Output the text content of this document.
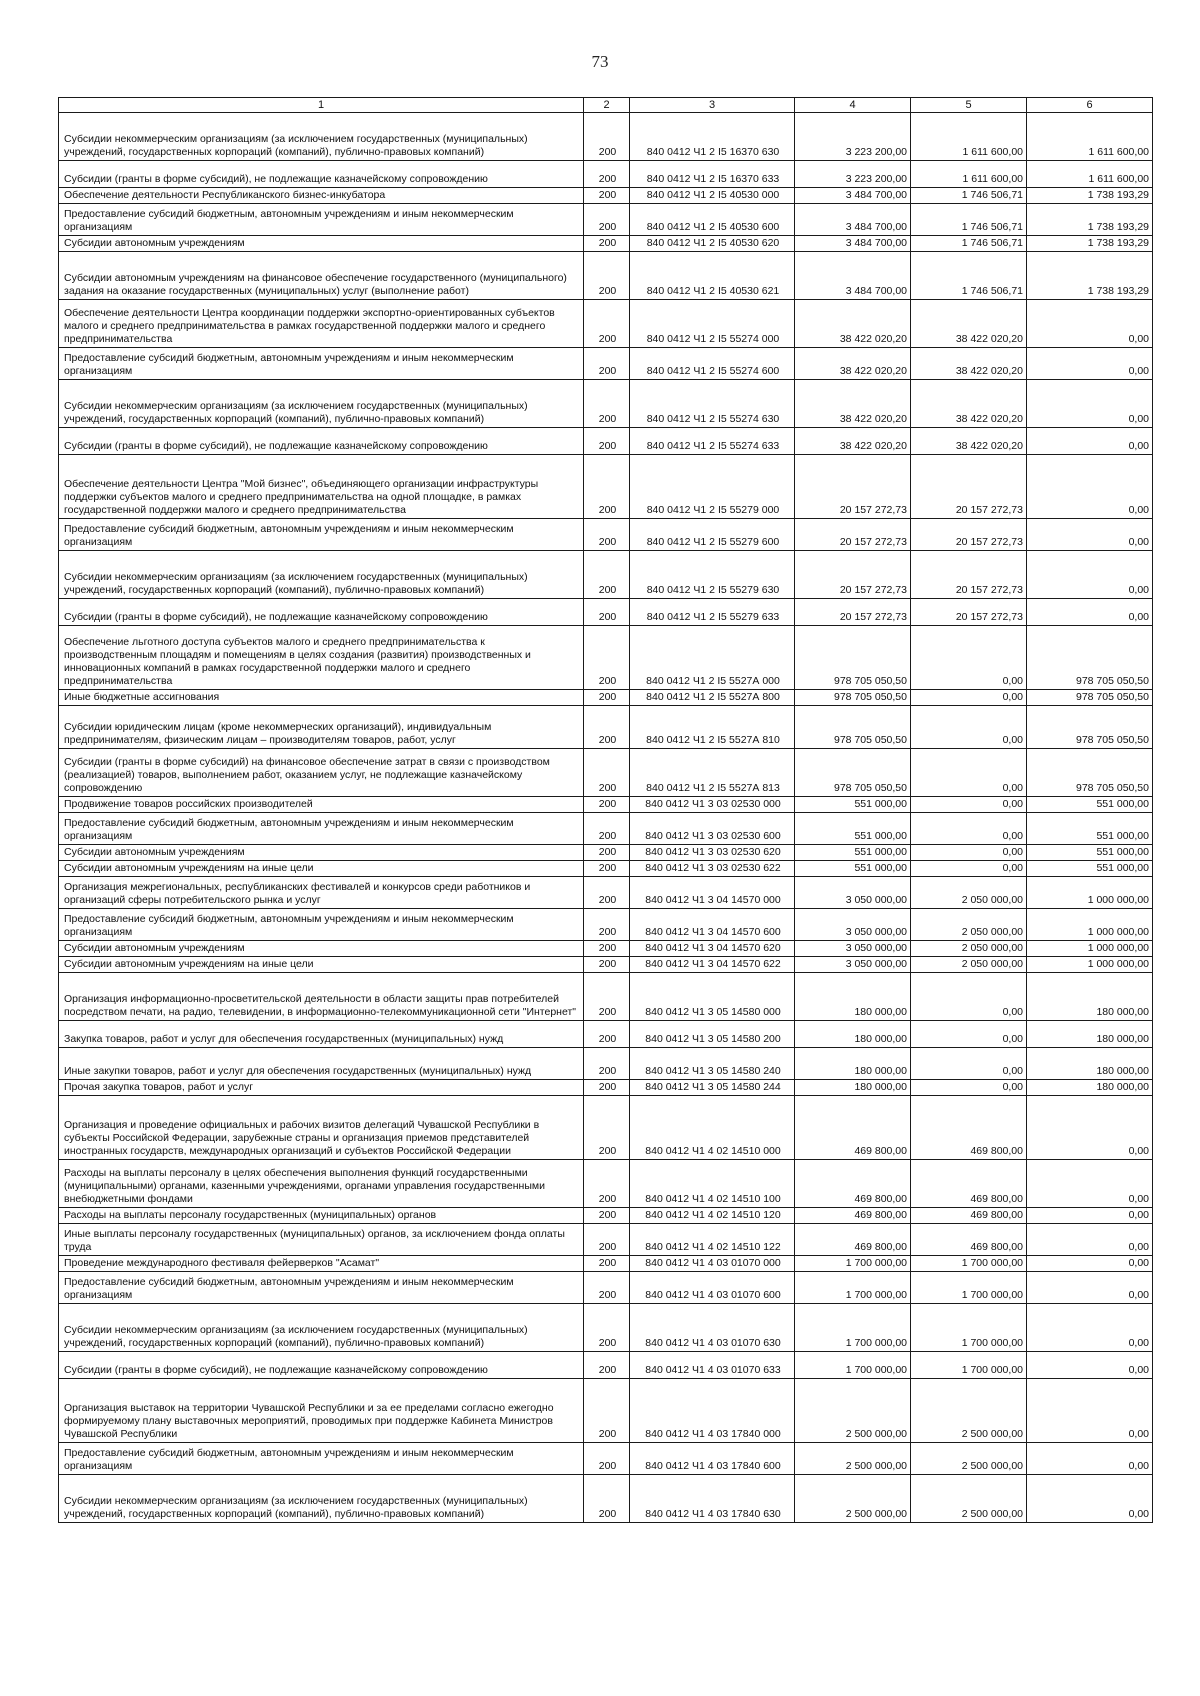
73
1	2	3	4	5	6
Субсидии некоммерческим организациям (за исключением государственных (муниципальных) учреждений, государственных корпораций (компаний), публично-правовых компаний)	200	840 0412 Ч1 2 I5 16370 630	3 223 200,00	1 611 600,00	1 611 600,00
Субсидии (гранты в форме субсидий), не подлежащие казначейскому сопровождению	200	840 0412 Ч1 2 I5 16370 633	3 223 200,00	1 611 600,00	1 611 600,00
Обеспечение деятельности Республиканского бизнес-инкубатора	200	840 0412 Ч1 2 I5 40530 000	3 484 700,00	1 746 506,71	1 738 193,29
Предоставление субсидий бюджетным, автономным учреждениям и иным некоммерческим организациям	200	840 0412 Ч1 2 I5 40530 600	3 484 700,00	1 746 506,71	1 738 193,29
Субсидии автономным учреждениям	200	840 0412 Ч1 2 I5 40530 620	3 484 700,00	1 746 506,71	1 738 193,29
Субсидии автономным учреждениям на финансовое обеспечение государственного (муниципального) задания на оказание государственных (муниципальных) услуг (выполнение работ)	200	840 0412 Ч1 2 I5 40530 621	3 484 700,00	1 746 506,71	1 738 193,29
Обеспечение деятельности Центра координации поддержки экспортно-ориентированных субъектов малого и среднего предпринимательства в рамках государственной поддержки малого и среднего предпринимательства	200	840 0412 Ч1 2 I5 55274 000	38 422 020,20	38 422 020,20	0,00
Предоставление субсидий бюджетным, автономным учреждениям и иным некоммерческим организациям	200	840 0412 Ч1 2 I5 55274 600	38 422 020,20	38 422 020,20	0,00
Субсидии некоммерческим организациям (за исключением государственных (муниципальных) учреждений, государственных корпораций (компаний), публично-правовых компаний)	200	840 0412 Ч1 2 I5 55274 630	38 422 020,20	38 422 020,20	0,00
Субсидии (гранты в форме субсидий), не подлежащие казначейскому сопровождению	200	840 0412 Ч1 2 I5 55274 633	38 422 020,20	38 422 020,20	0,00
Обеспечение деятельности Центра "Мой бизнес", объединяющего организации инфраструктуры поддержки субъектов малого и среднего предпринимательства на одной площадке, в рамках государственной поддержки малого и среднего предпринимательства	200	840 0412 Ч1 2 I5 55279 000	20 157 272,73	20 157 272,73	0,00
Предоставление субсидий бюджетным, автономным учреждениям и иным некоммерческим организациям	200	840 0412 Ч1 2 I5 55279 600	20 157 272,73	20 157 272,73	0,00
Субсидии некоммерческим организациям (за исключением государственных (муниципальных) учреждений, государственных корпораций (компаний), публично-правовых компаний)	200	840 0412 Ч1 2 I5 55279 630	20 157 272,73	20 157 272,73	0,00
Субсидии (гранты в форме субсидий), не подлежащие казначейскому сопровождению	200	840 0412 Ч1 2 I5 55279 633	20 157 272,73	20 157 272,73	0,00
Обеспечение льготного доступа субъектов малого и среднего предпринимательства к производственным площадям и помещениям в целях создания (развития) производственных и инновационных компаний в рамках государственной поддержки малого и среднего предпринимательства	200	840 0412 Ч1 2 I5 5527А 000	978 705 050,50	0,00	978 705 050,50
Иные бюджетные ассигнования	200	840 0412 Ч1 2 I5 5527А 800	978 705 050,50	0,00	978 705 050,50
Субсидии юридическим лицам (кроме некоммерческих организаций), индивидуальным предпринимателям, физическим лицам – производителям товаров, работ, услуг	200	840 0412 Ч1 2 I5 5527А 810	978 705 050,50	0,00	978 705 050,50
Субсидии (гранты в форме субсидий) на финансовое обеспечение затрат в связи с производством (реализацией) товаров, выполнением работ, оказанием услуг, не подлежащие казначейскому сопровождению	200	840 0412 Ч1 2 I5 5527А 813	978 705 050,50	0,00	978 705 050,50
Продвижение товаров российских производителей	200	840 0412 Ч1 3 03 02530 000	551 000,00	0,00	551 000,00
Предоставление субсидий бюджетным, автономным учреждениям и иным некоммерческим организациям	200	840 0412 Ч1 3 03 02530 600	551 000,00	0,00	551 000,00
Субсидии автономным учреждениям	200	840 0412 Ч1 3 03 02530 620	551 000,00	0,00	551 000,00
Субсидии автономным учреждениям на иные цели	200	840 0412 Ч1 3 03 02530 622	551 000,00	0,00	551 000,00
Организация межрегиональных, республиканских фестивалей и конкурсов среди работников и организаций сферы потребительского рынка и услуг	200	840 0412 Ч1 3 04 14570 000	3 050 000,00	2 050 000,00	1 000 000,00
Предоставление субсидий бюджетным, автономным учреждениям и иным некоммерческим организациям	200	840 0412 Ч1 3 04 14570 600	3 050 000,00	2 050 000,00	1 000 000,00
Субсидии автономным учреждениям	200	840 0412 Ч1 3 04 14570 620	3 050 000,00	2 050 000,00	1 000 000,00
Субсидии автономным учреждениям на иные цели	200	840 0412 Ч1 3 04 14570 622	3 050 000,00	2 050 000,00	1 000 000,00
Организация информационно-просветительской деятельности в области защиты прав потребителей посредством печати, на радио, телевидении, в информационно-телекоммуникационной сети "Интернет"	200	840 0412 Ч1 3 05 14580 000	180 000,00	0,00	180 000,00
Закупка товаров, работ и услуг для обеспечения государственных (муниципальных) нужд	200	840 0412 Ч1 3 05 14580 200	180 000,00	0,00	180 000,00
Иные закупки товаров, работ и услуг для обеспечения государственных (муниципальных) нужд	200	840 0412 Ч1 3 05 14580 240	180 000,00	0,00	180 000,00
Прочая закупка товаров, работ и услуг	200	840 0412 Ч1 3 05 14580 244	180 000,00	0,00	180 000,00
Организация и проведение официальных и рабочих визитов делегаций Чувашской Республики в субъекты Российской Федерации, зарубежные страны и организация приемов представителей иностранных государств, международных организаций и субъектов Российской Федерации	200	840 0412 Ч1 4 02 14510 000	469 800,00	469 800,00	0,00
Расходы на выплаты персоналу в целях обеспечения выполнения функций государственными (муниципальными) органами, казенными учреждениями, органами управления государственными внебюджетными фондами	200	840 0412 Ч1 4 02 14510 100	469 800,00	469 800,00	0,00
Расходы на выплаты персоналу государственных (муниципальных) органов	200	840 0412 Ч1 4 02 14510 120	469 800,00	469 800,00	0,00
Иные выплаты персоналу государственных (муниципальных) органов, за исключением фонда оплаты труда	200	840 0412 Ч1 4 02 14510 122	469 800,00	469 800,00	0,00
Проведение международного фестиваля фейерверков "Асамат"	200	840 0412 Ч1 4 03 01070 000	1 700 000,00	1 700 000,00	0,00
Предоставление субсидий бюджетным, автономным учреждениям и иным некоммерческим организациям	200	840 0412 Ч1 4 03 01070 600	1 700 000,00	1 700 000,00	0,00
Субсидии некоммерческим организациям (за исключением государственных (муниципальных) учреждений, государственных корпораций (компаний), публично-правовых компаний)	200	840 0412 Ч1 4 03 01070 630	1 700 000,00	1 700 000,00	0,00
Субсидии (гранты в форме субсидий), не подлежащие казначейскому сопровождению	200	840 0412 Ч1 4 03 01070 633	1 700 000,00	1 700 000,00	0,00
Организация выставок на территории Чувашской Республики и за ее пределами согласно ежегодно формируемому плану выставочных мероприятий, проводимых при поддержке Кабинета Министров Чувашской Республики	200	840 0412 Ч1 4 03 17840 000	2 500 000,00	2 500 000,00	0,00
Предоставление субсидий бюджетным, автономным учреждениям и иным некоммерческим организациям	200	840 0412 Ч1 4 03 17840 600	2 500 000,00	2 500 000,00	0,00
Субсидии некоммерческим организациям (за исключением государственных (муниципальных) учреждений, государственных корпораций (компаний), публично-правовых компаний)	200	840 0412 Ч1 4 03 17840 630	2 500 000,00	2 500 000,00	0,00
